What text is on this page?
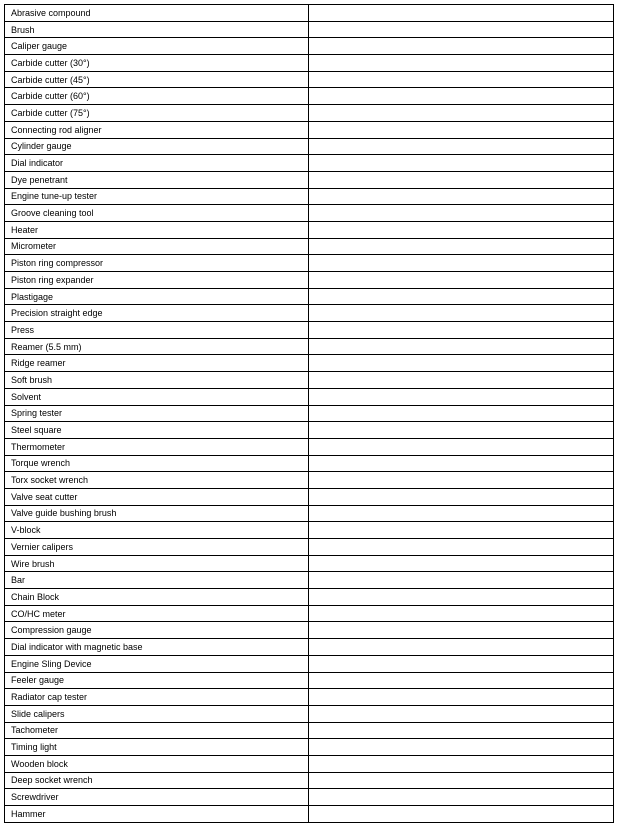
Abrasive compound	
Brush	
Caliper gauge	
Carbide cutter (30°)	
Carbide cutter (45°)	
Carbide cutter (60°)	
Carbide cutter (75°)	
Connecting rod aligner	
Cylinder gauge	
Dial indicator	
Dye penetrant	
Engine tune-up tester	
Groove cleaning tool	
Heater	
Micrometer	
Piston ring compressor	
Piston ring expander	
Plastigage	
Precision straight edge	
Press	
Reamer (5.5 mm)	
Ridge reamer	
Soft brush	
Solvent	
Spring tester	
Steel square	
Thermometer	
Torque wrench	
Torx socket wrench	
Valve seat cutter	
Valve guide bushing brush	
V-block	
Vernier calipers	
Wire brush	
Bar	
Chain Block	
CO/HC meter	
Compression gauge	
Dial indicator with magnetic base	
Engine Sling Device	
Feeler gauge	
Radiator cap tester	
Slide calipers	
Tachometer	
Timing light	
Wooden block	
Deep socket wrench	
Screwdriver	
Hammer	
